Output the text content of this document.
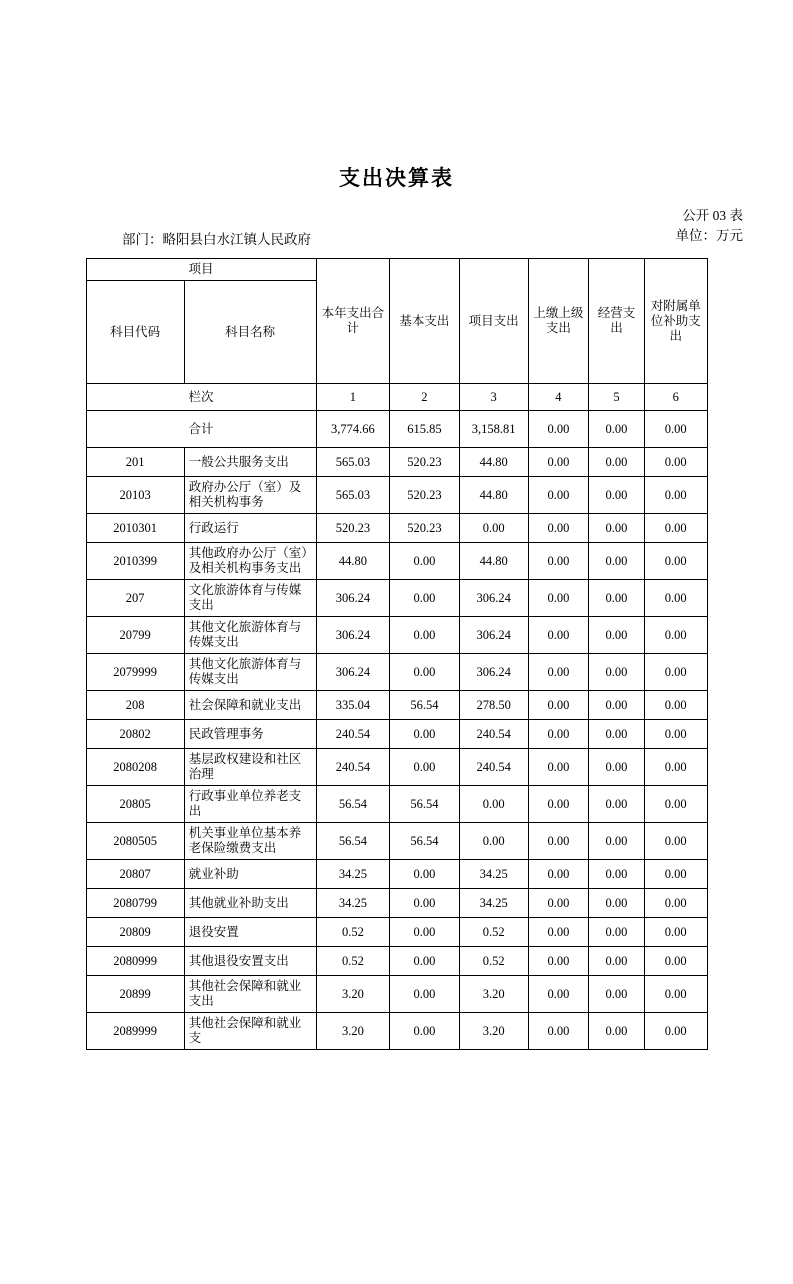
支出决算表
部门：略阳县白水江镇人民政府
公开 03 表
单位：万元
项目		本年支出合计	基本支出	项目支出	上缴上级支出	经营支出	对附属单位补助支出
科目代码	科目名称						
栏次		1	2	3	4	5	6
合计		3,774.66	615.85	3,158.81	0.00	0.00	0.00
201	一般公共服务支出	565.03	520.23	44.80	0.00	0.00	0.00
20103	政府办公厅（室）及相关机构事务	565.03	520.23	44.80	0.00	0.00	0.00
2010301	行政运行	520.23	520.23	0.00	0.00	0.00	0.00
2010399	其他政府办公厅（室）及相关机构事务支出	44.80	0.00	44.80	0.00	0.00	0.00
207	文化旅游体育与传媒支出	306.24	0.00	306.24	0.00	0.00	0.00
20799	其他文化旅游体育与传媒支出	306.24	0.00	306.24	0.00	0.00	0.00
2079999	其他文化旅游体育与传媒支出	306.24	0.00	306.24	0.00	0.00	0.00
208	社会保障和就业支出	335.04	56.54	278.50	0.00	0.00	0.00
20802	民政管理事务	240.54	0.00	240.54	0.00	0.00	0.00
2080208	基层政权建设和社区治理	240.54	0.00	240.54	0.00	0.00	0.00
20805	行政事业单位养老支出	56.54	56.54	0.00	0.00	0.00	0.00
2080505	机关事业单位基本养老保险缴费支出	56.54	56.54	0.00	0.00	0.00	0.00
20807	就业补助	34.25	0.00	34.25	0.00	0.00	0.00
2080799	其他就业补助支出	34.25	0.00	34.25	0.00	0.00	0.00
20809	退役安置	0.52	0.00	0.52	0.00	0.00	0.00
2080999	其他退役安置支出	0.52	0.00	0.52	0.00	0.00	0.00
20899	其他社会保障和就业支出	3.20	0.00	3.20	0.00	0.00	0.00
2089999	其他社会保障和就业支	3.20	0.00	3.20	0.00	0.00	0.00
